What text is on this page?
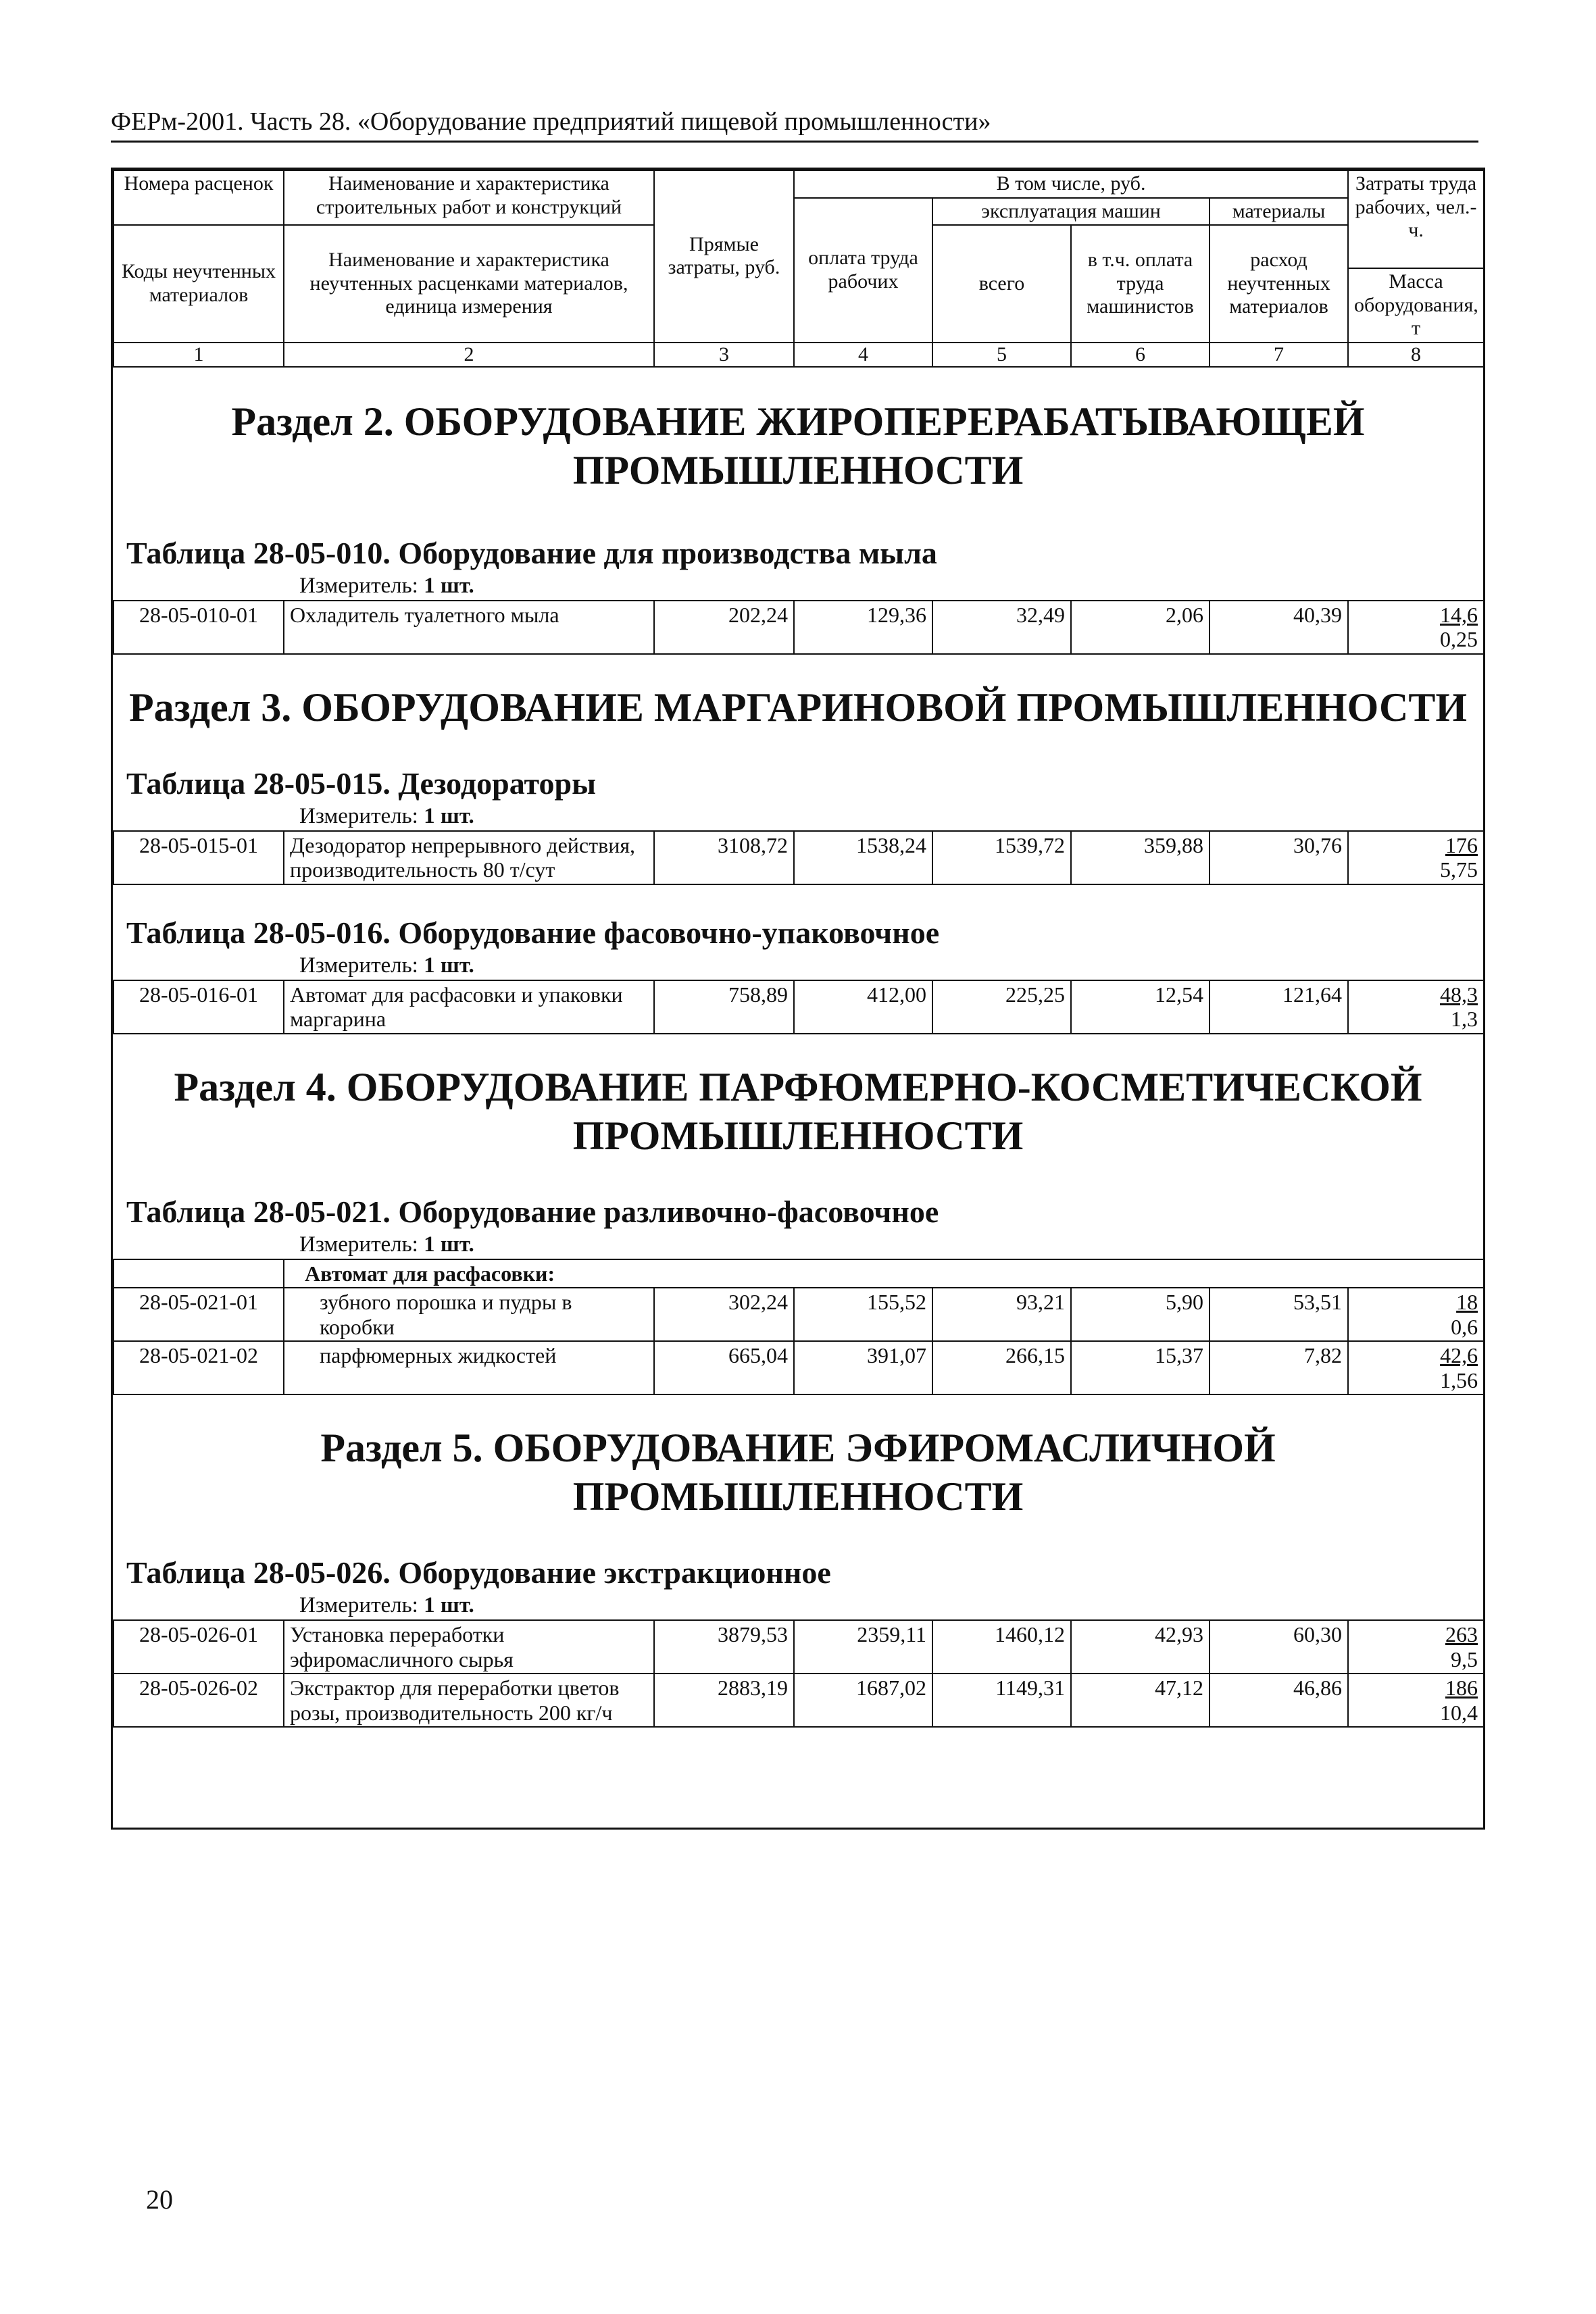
ФЕРм-2001. Часть 28. «Оборудование предприятий пищевой промышленности»
Номера расценок	Наименование и характеристика строительных работ и конструкций	Прямые затраты, руб.	В том числе, руб.				Затраты труда рабочих, чел.-ч.
			оплата труда рабочих	эксплуатация машин		материалы	
Коды неучтенных материалов	Наименование и характеристика неучтенных расценками материалов, единица измерения			всего	в т.ч. оплата труда машинистов	расход неучтенных материалов	
							Масса оборудования, т
1	2	3	4	5	6	7	8

Раздел 2. ОБОРУДОВАНИЕ ЖИРОПЕРЕРАБАТЫВАЮЩЕЙ ПРОМЫШЛЕННОСТИ

Таблица 28-05-010. Оборудование для производства мыла

Измеритель: 1 шт.
28-05-010-01	Охладитель туалетного мыла	202,24	129,36	32,49	2,06	40,39	14,6
0,25

Раздел 3. ОБОРУДОВАНИЕ МАРГАРИНОВОЙ ПРОМЫШЛЕННОСТИ

Таблица 28-05-015. Дезодораторы

Измеритель: 1 шт.
28-05-015-01	Дезодоратор непрерывного действия, производительность 80 т/сут	3108,72	1538,24	1539,72	359,88	30,76	176
5,75

Таблица 28-05-016. Оборудование фасовочно-упаковочное

Измеритель: 1 шт.
28-05-016-01	Автомат для расфасовки и упаковки маргарина	758,89	412,00	225,25	12,54	121,64	48,3
1,3

Раздел 4. ОБОРУДОВАНИЕ ПАРФЮМЕРНО-КОСМЕТИЧЕСКОЙ ПРОМЫШЛЕННОСТИ

Таблица 28-05-021. Оборудование разливочно-фасовочное

Измеритель: 1 шт.
	Автомат для расфасовки:						
28-05-021-01	зубного порошка и пудры в коробки	302,24	155,52	93,21	5,90	53,51	18
0,6
28-05-021-02	парфюмерных жидкостей	665,04	391,07	266,15	15,37	7,82	42,6
1,56

Раздел 5. ОБОРУДОВАНИЕ ЭФИРОМАСЛИЧНОЙ ПРОМЫШЛЕННОСТИ

Таблица 28-05-026. Оборудование экстракционное

Измеритель: 1 шт.
28-05-026-01	Установка переработки эфиромасличного сырья	3879,53	2359,11	1460,12	42,93	60,30	263
9,5
28-05-026-02	Экстрактор для переработки цветов розы, производительность 200 кг/ч	2883,19	1687,02	1149,31	47,12	46,86	186
10,4
20
